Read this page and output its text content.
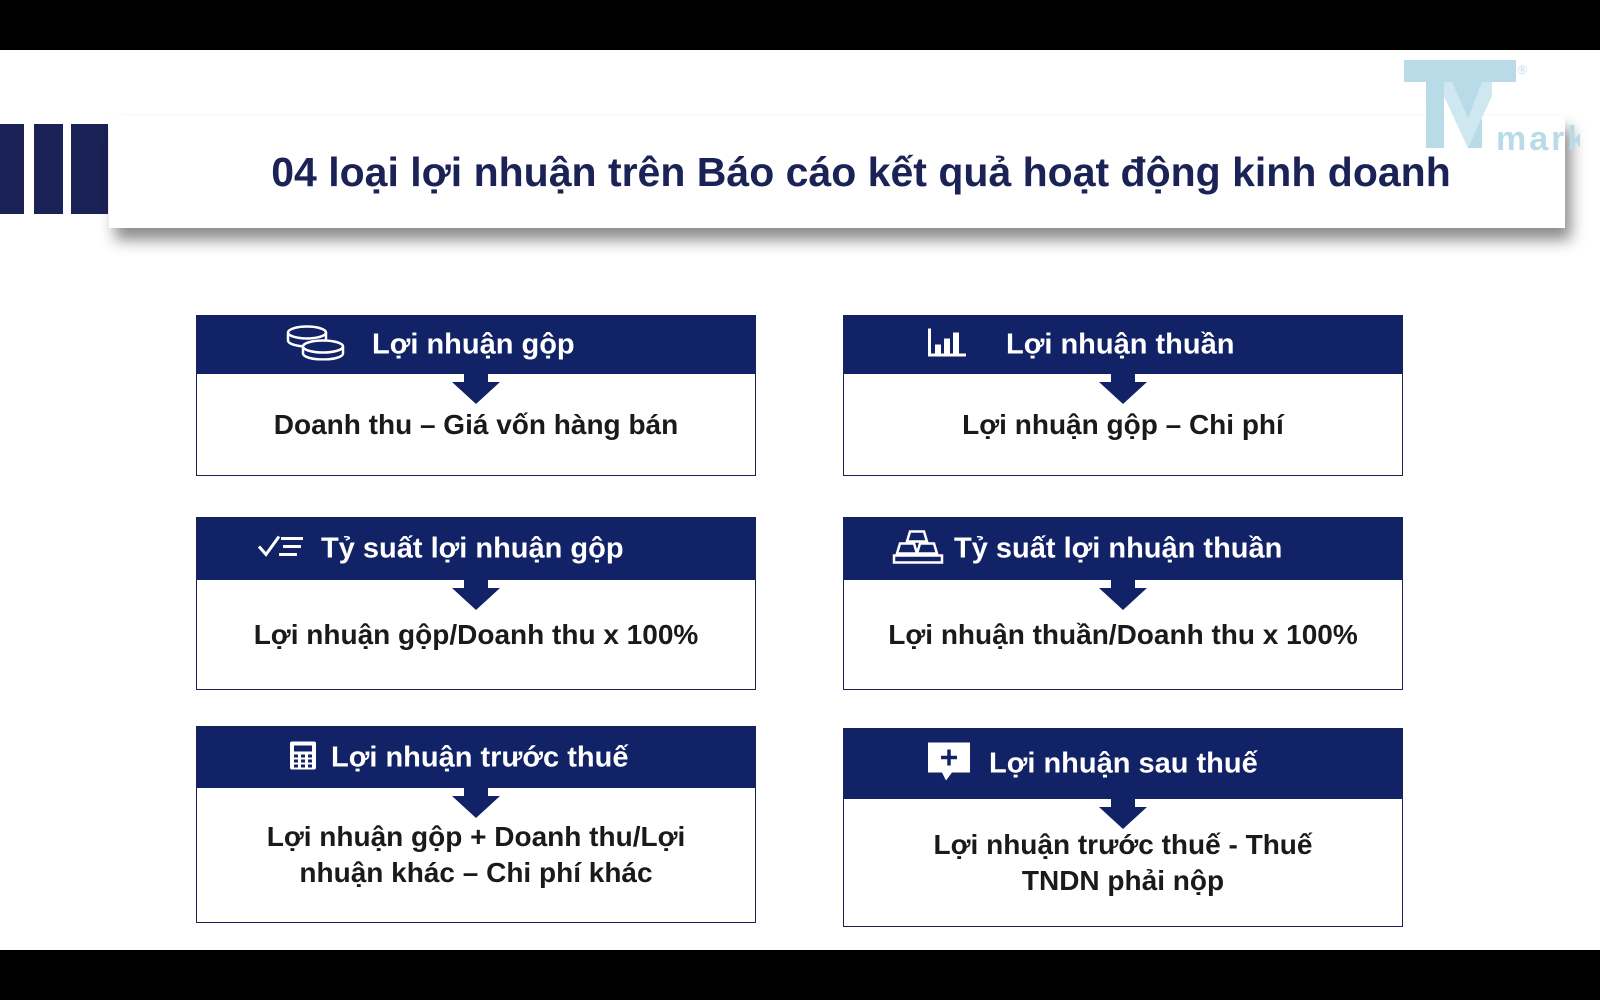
04 loại lợi nhuận trên Báo cáo kết quả hoạt động kinh doanh
mark
®
Lợi nhuận gộp
Doanh thu – Giá vốn hàng bán
Lợi nhuận thuần
Lợi nhuận gộp – Chi phí
Tỷ suất lợi nhuận gộp
Lợi nhuận gộp/Doanh thu x 100%
Tỷ suất lợi nhuận thuần
Lợi nhuận thuần/Doanh thu x 100%
Lợi nhuận trước thuế
Lợi nhuận gộp + Doanh thu/Lợi
nhuận khác – Chi phí khác
Lợi nhuận sau thuế
Lợi nhuận trước thuế - Thuế
TNDN phải nộp
